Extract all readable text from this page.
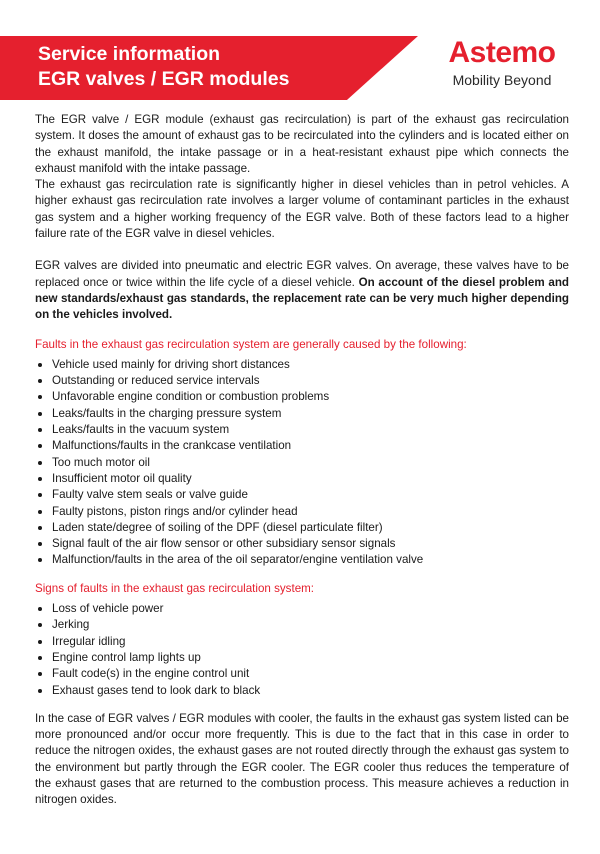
Service information
EGR valves / EGR modules
Astemo
Mobility Beyond

The EGR valve / EGR module (exhaust gas recirculation) is part of the exhaust gas recirculation system. It doses the amount of exhaust gas to be recirculated into the cylinders and is located either on the exhaust manifold, the intake passage or in a heat-resistant exhaust pipe which connects the exhaust manifold with the intake passage.

The exhaust gas recirculation rate is significantly higher in diesel vehicles than in petrol vehicles. A higher exhaust gas recirculation rate involves a larger volume of contaminant particles in the exhaust gas system and a higher working frequency of the EGR valve. Both of these factors lead to a higher failure rate of the EGR valve in diesel vehicles.

EGR valves are divided into pneumatic and electric EGR valves. On average, these valves have to be replaced once or twice within the life cycle of a diesel vehicle. On account of the diesel problem and new standards/exhaust gas standards, the replacement rate can be very much higher depending on the vehicles involved.

Faults in the exhaust gas recirculation system are generally caused by the following:

Vehicle used mainly for driving short distances
Outstanding or reduced service intervals
Unfavorable engine condition or combustion problems
Leaks/faults in the charging pressure system
Leaks/faults in the vacuum system
Malfunctions/faults in the crankcase ventilation
Too much motor oil
Insufficient motor oil quality
Faulty valve stem seals or valve guide
Faulty pistons, piston rings and/or cylinder head
Laden state/degree of soiling of the DPF (diesel particulate filter)
Signal fault of the air flow sensor or other subsidiary sensor signals
Malfunction/faults in the area of the oil separator/engine ventilation valve

Signs of faults in the exhaust gas recirculation system:

Loss of vehicle power
Jerking
Irregular idling
Engine control lamp lights up
Fault code(s) in the engine control unit
Exhaust gases tend to look dark to black

In the case of EGR valves / EGR modules with cooler, the faults in the exhaust gas system listed can be more pronounced and/or occur more frequently. This is due to the fact that in this case in order to reduce the nitrogen oxides, the exhaust gases are not routed directly through the exhaust gas system to the environment but partly through the EGR cooler. The EGR cooler thus reduces the temperature of the exhaust gases that are returned to the combustion process. This measure achieves a reduction in nitrogen oxides.
